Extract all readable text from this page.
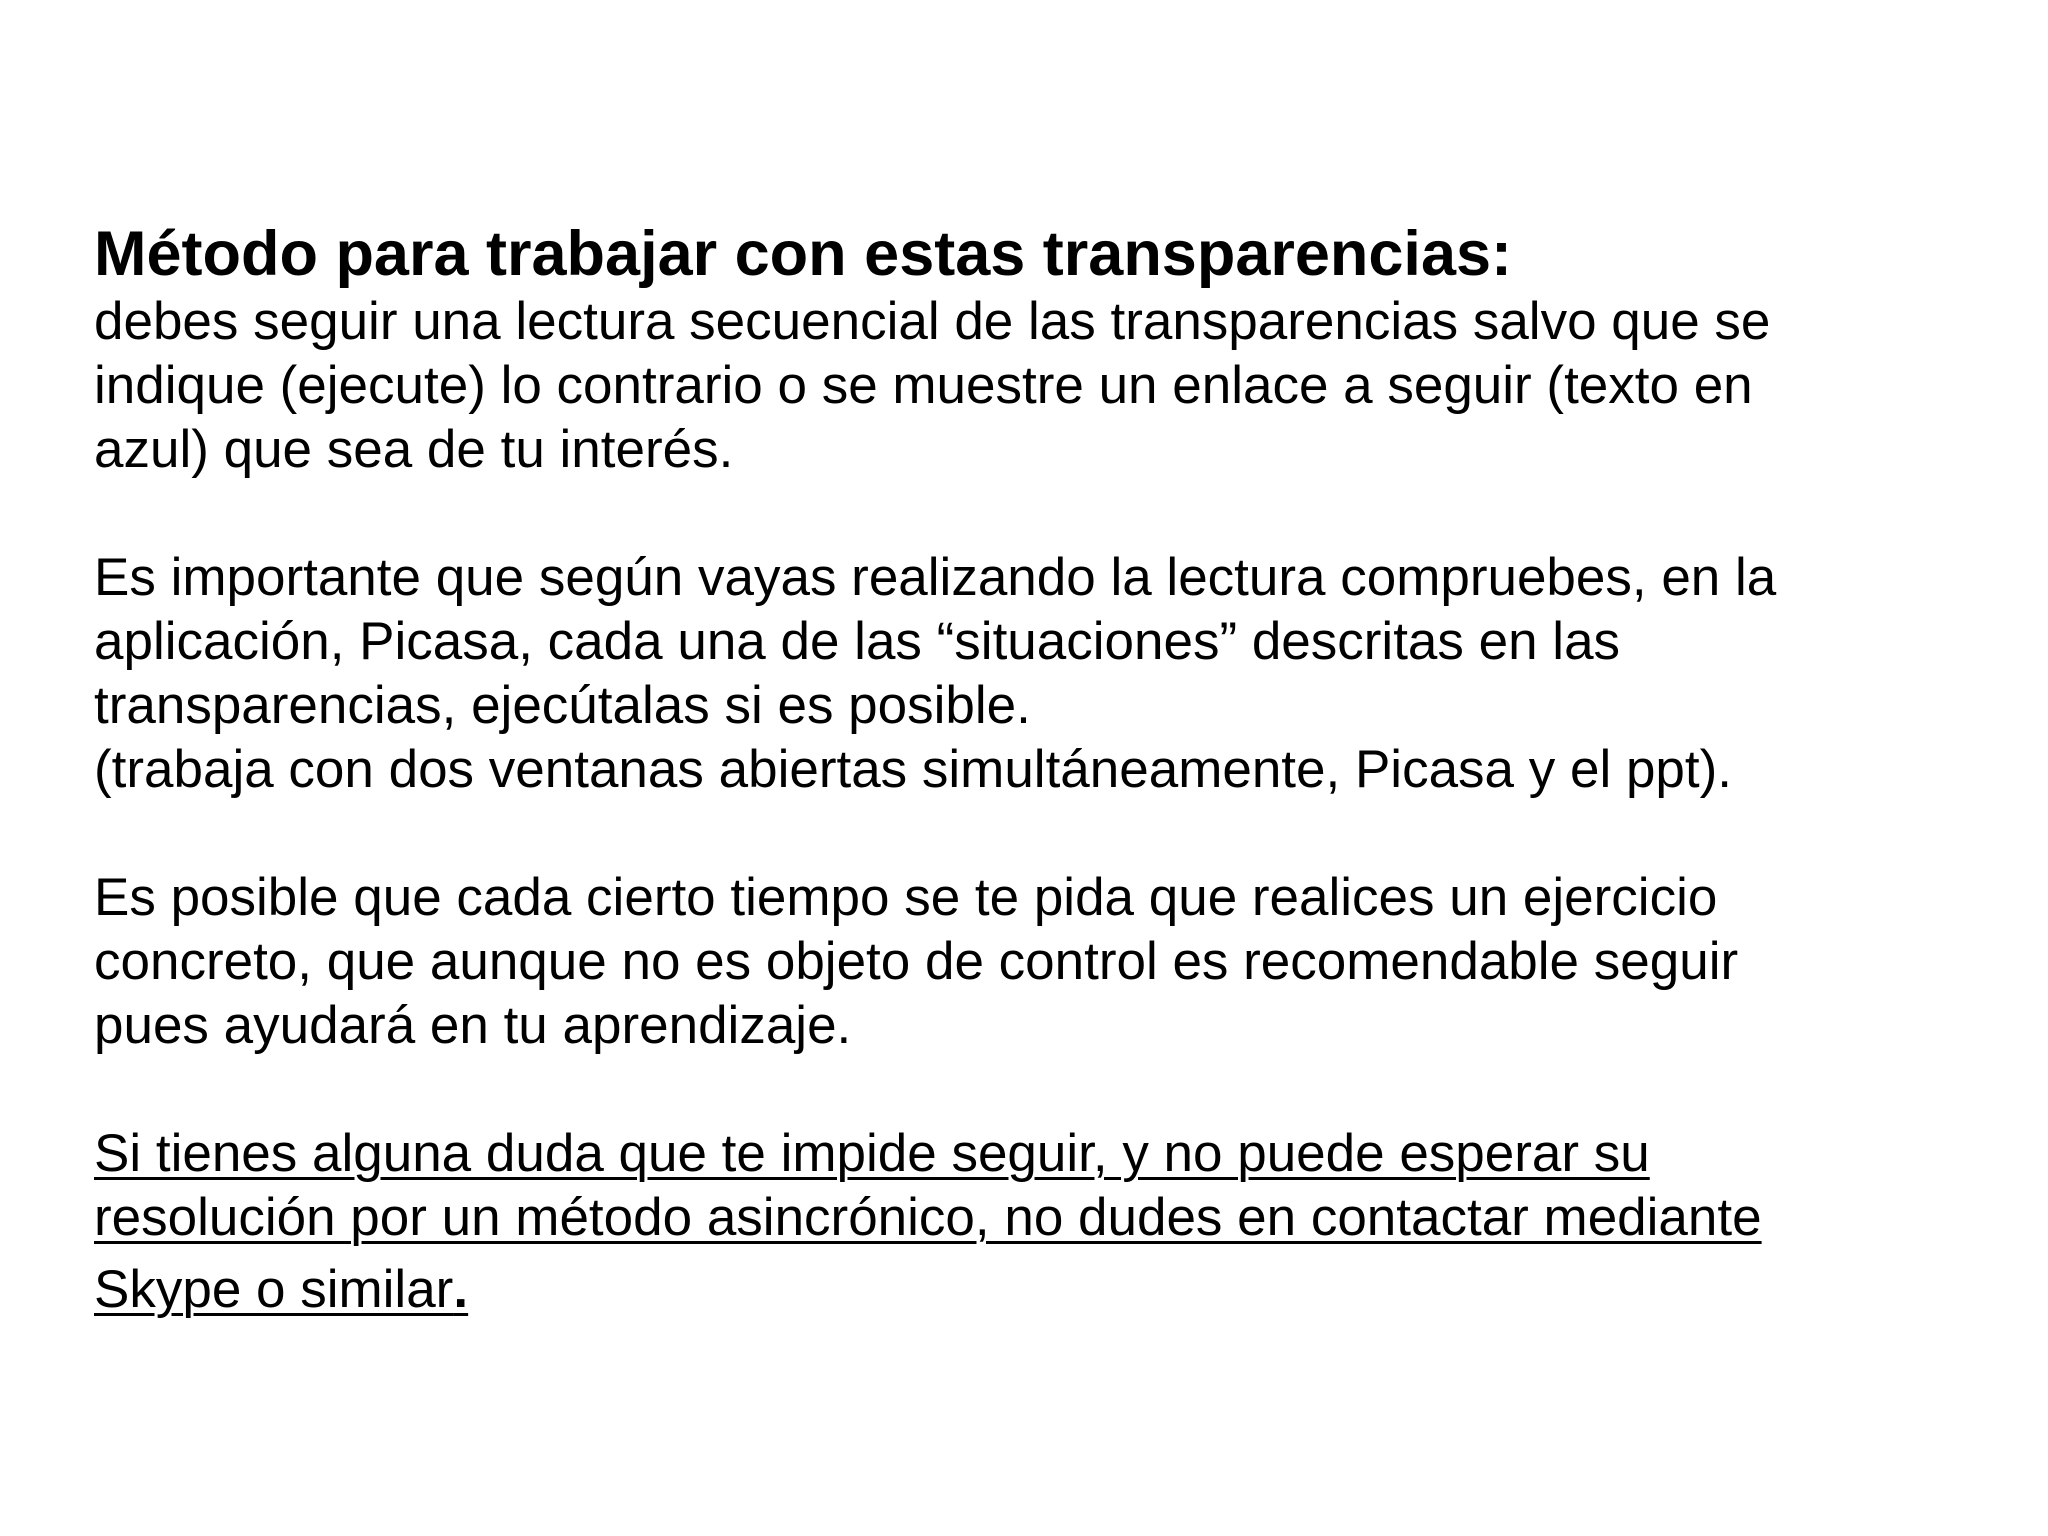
Método para trabajar con estas transparencias:
debes seguir una lectura secuencial de las transparencias salvo que se
indique (ejecute) lo contrario o se muestre un enlace a seguir (texto en
azul) que sea de tu interés.
Es importante que según vayas realizando la lectura compruebes, en la
aplicación, Picasa, cada una de las “situaciones” descritas en las
transparencias, ejecútalas si es posible.
(trabaja con dos ventanas abiertas simultáneamente, Picasa y el ppt).
Es posible que cada cierto tiempo se te pida que realices un ejercicio
concreto, que aunque no es objeto de control es recomendable seguir
pues ayudará en tu aprendizaje.
Si tienes alguna duda que te impide seguir, y no puede esperar su
resolución por un método asincrónico, no dudes en contactar mediante
Skype o similar.
